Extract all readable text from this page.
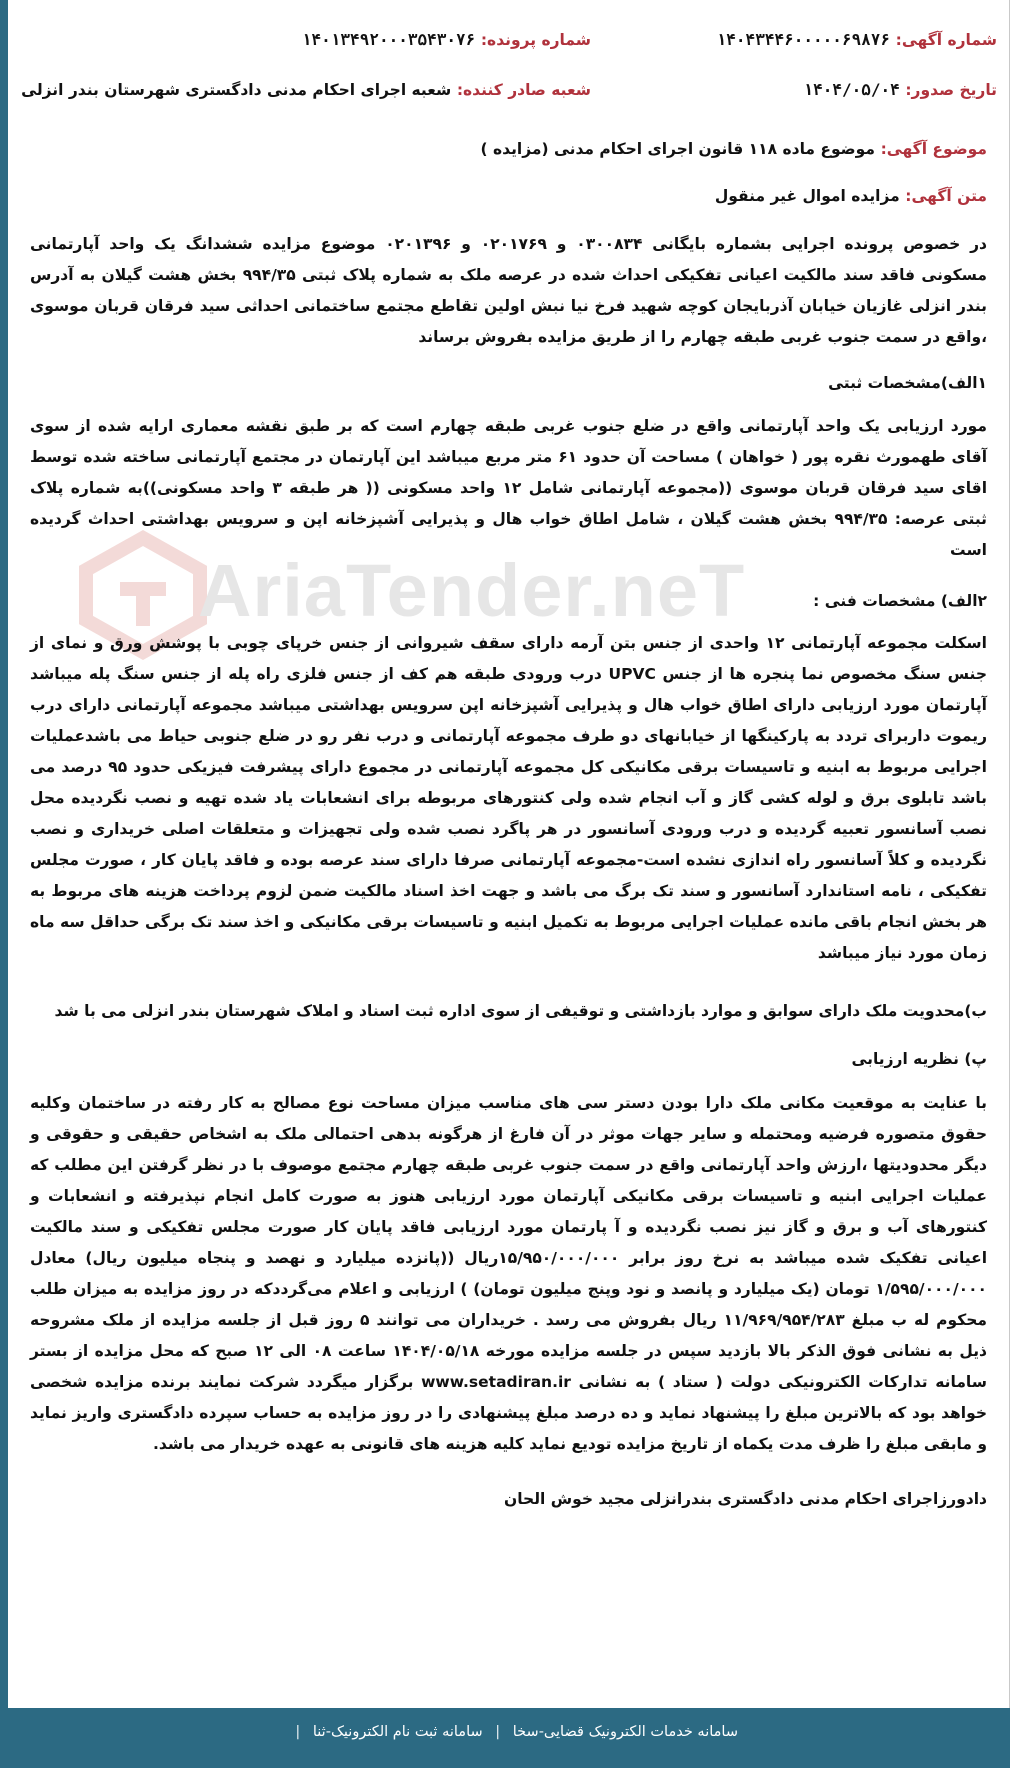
شماره آگهی: ۱۴۰۴۳۴۴۶۰۰۰۰۰۶۹۸۷۶
شماره پرونده: ۱۴۰۱۳۴۹۲۰۰۰۳۵۴۳۰۷۶
تاریخ صدور: ۱۴۰۴/۰۵/۰۴
شعبه صادر کننده: شعبه اجرای احکام مدنی دادگستری شهرستان بندر انزلی
موضوع آگهی: موضوع ماده ۱۱۸ قانون اجرای احکام مدنی (مزایده )
متن آگهی: مزایده اموال غیر منقول
AriaTender.neT
در خصوص پرونده اجرایی بشماره بایگانی ۰۳۰۰۸۳۴ و ۰۲۰۱۷۶۹ و ۰۲۰۱۳۹۶ موضوع مزایده ششدانگ یک واحد آپارتمانی مسکونی فاقد سند مالکیت اعیانی تفکیکی احداث شده در عرصه ملک به شماره پلاک ثبتی ۹۹۴/۳۵ بخش هشت گیلان به آدرس بندر انزلی غازیان خیابان آذربایجان کوچه شهید فرخ نیا نبش اولین تقاطع مجتمع ساختمانی احداثی سید فرقان قربان موسوی ،واقع در سمت جنوب غربی طبقه چهارم را از طریق مزایده بفروش برساند
۱الف)مشخصات ثبتی
مورد ارزیابی یک واحد آپارتمانی واقع در ضلع جنوب غربی طبقه چهارم است که بر طبق نقشه معماری ارایه شده از سوی آقای طهمورث نقره پور ( خواهان ) مساحت آن حدود ۶۱ متر مربع میباشد این آپارتمان در مجتمع آپارتمانی ساخته شده توسط اقای سید فرقان قربان موسوی ((مجموعه آپارتمانی شامل ۱۲ واحد مسکونی (( هر طبقه ۳ واحد مسکونی))به شماره پلاک ثبتی عرصه: ۹۹۴/۳۵ بخش هشت گیلان ، شامل اطاق خواب هال و پذیرایی آشپزخانه اپن و سرویس بهداشتی احداث گردیده است
۲الف) مشخصات فنی :
اسکلت مجموعه آپارتمانی ۱۲ واحدی از جنس بتن آرمه دارای سقف شیروانی از جنس خرپای چوبی با پوشش ورق و نمای از جنس سنگ مخصوص نما پنجره ها از جنس UPVC درب ورودی طبقه هم کف از جنس فلزی راه پله از جنس سنگ پله میباشد آپارتمان مورد ارزیابی دارای اطاق خواب هال و پذیرایی آشپزخانه اپن سرویس بهداشتی میباشد مجموعه آپارتمانی دارای درب ریموت داربرای تردد به پارکینگها از خیابانهای دو طرف مجموعه آپارتمانی و درب نفر رو در ضلع جنوبی حیاط می باشدعملیات اجرایی مربوط به ابنیه و تاسیسات برقی مکانیکی کل مجموعه آپارتمانی در مجموع دارای پیشرفت فیزیکی حدود ۹۵ درصد می باشد تابلوی برق و لوله کشی گاز و آب انجام شده ولی کنتورهای مربوطه برای انشعابات یاد شده تهیه و نصب نگردیده محل نصب آسانسور تعبیه گردیده و درب ورودی آسانسور در هر پاگرد نصب شده ولی تجهیزات و متعلقات اصلی خریداری و نصب نگردیده و کلاً آسانسور راه اندازی نشده است-مجموعه آپارتمانی صرفا دارای سند عرصه بوده و فاقد پایان کار ، صورت مجلس تفکیکی ، نامه استاندارد آسانسور و سند تک برگ می باشد و جهت اخذ اسناد مالکیت ضمن لزوم پرداخت هزینه های مربوط به هر بخش انجام باقی مانده عملیات اجرایی مربوط به تکمیل ابنیه و تاسیسات برقی مکانیکی و اخذ سند تک برگی حداقل سه ماه زمان مورد نیاز میباشد
ب)محدویت ملک دارای سوابق و موارد بازداشتی و توقیفی از سوی اداره ثبت اسناد و املاک شهرستان بندر انزلی می با شد
پ) نظریه ارزیابی
با عنایت به موقعیت مکانی ملک دارا بودن دستر سی های مناسب میزان مساحت نوع مصالح به کار رفته در ساختمان وکلیه حقوق متصوره فرضیه ومحتمله و سایر جهات موثر در آن فارغ از هرگونه بدهی احتمالی ملک به اشخاص حقیقی و حقوقی و دیگر محدودیتها ،ارزش واحد آپارتمانی واقع در سمت جنوب غربی طبقه چهارم مجتمع موصوف با در نظر گرفتن این مطلب که عملیات اجرایی ابنیه و تاسیسات برقی مکانیکی آپارتمان مورد ارزیابی هنوز به صورت کامل انجام نپذیرفته و انشعابات و کنتورهای آب و برق و گاز نیز نصب نگردیده و آ پارتمان مورد ارزیابی فاقد پایان کار صورت مجلس تفکیکی و سند مالکیت اعیانی تفکیک شده میباشد به نرخ روز برابر ۱۵/۹۵۰/۰۰۰/۰۰۰ریال ((پانزده میلیارد و نهصد و پنجاه میلیون ریال) معادل ۱/۵۹۵/۰۰۰/۰۰۰ تومان (یک میلیارد و پانصد و نود وپنج میلیون تومان) ) ارزیابی و اعلام می‌گرددکه در روز مزایده به میزان طلب محکوم له ب مبلغ ۱۱/۹۶۹/۹۵۴/۲۸۳ ریال بفروش می رسد . خریداران می توانند ۵ روز قبل از جلسه مزایده از ملک مشروحه ذیل به نشانی فوق الذکر بالا بازدید سپس در جلسه مزایده مورخه ۱۴۰۴/۰۵/۱۸ ساعت ۰۸ الی ۱۲ صبح که محل مزایده از بستر سامانه تدارکات الکترونیکی دولت ( ستاد ) به نشانی www.setadiran.ir برگزار میگردد شرکت نمایند برنده مزایده شخصی خواهد بود که بالاترین مبلغ را پیشنهاد نماید و ده درصد مبلغ پیشنهادی را در روز مزایده به حساب سپرده دادگستری واریز نماید و مابقی مبلغ را ظرف مدت یکماه از تاریخ مزایده تودیع نماید کلیه هزینه های قانونی به عهده خریدار می باشد.
دادورزاجرای احکام مدنی دادگستری بندرانزلی مجید خوش الحان
سامانه خدمات الکترونیک قضایی-سخا | سامانه ثبت نام الکترونیک-ثنا |
